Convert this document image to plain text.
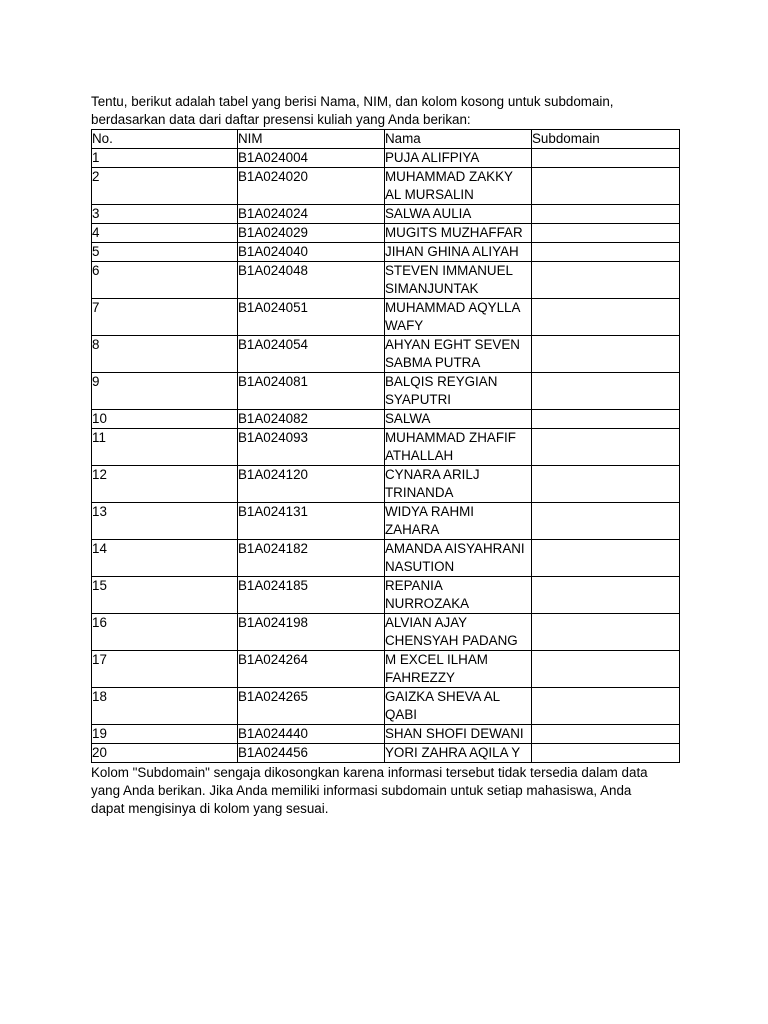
Tentu, berikut adalah tabel yang berisi Nama, NIM, dan kolom kosong untuk subdomain,
berdasarkan data dari daftar presensi kuliah yang Anda berikan:

No.	NIM	Nama	Subdomain
1	B1A024004	PUJA ALIFPIYA	
2	B1A024020	MUHAMMAD ZAKKY
AL MURSALIN	
3	B1A024024	SALWA AULIA	
4	B1A024029	MUGITS MUZHAFFAR	
5	B1A024040	JIHAN GHINA ALIYAH	
6	B1A024048	STEVEN IMMANUEL
SIMANJUNTAK	
7	B1A024051	MUHAMMAD AQYLLA
WAFY	
8	B1A024054	AHYAN EGHT SEVEN
SABMA PUTRA	
9	B1A024081	BALQIS REYGIAN
SYAPUTRI	
10	B1A024082	SALWA	
11	B1A024093	MUHAMMAD ZHAFIF
ATHALLAH	
12	B1A024120	CYNARA ARILJ
TRINANDA	
13	B1A024131	WIDYA RAHMI
ZAHARA	
14	B1A024182	AMANDA AISYAHRANI
NASUTION	
15	B1A024185	REPANIA
NURROZAKA	
16	B1A024198	ALVIAN AJAY
CHENSYAH PADANG	
17	B1A024264	M EXCEL ILHAM
FAHREZZY	
18	B1A024265	GAIZKA SHEVA AL
QABI	
19	B1A024440	SHAN SHOFI DEWANI	
20	B1A024456	YORI ZAHRA AQILA Y	

Kolom "Subdomain" sengaja dikosongkan karena informasi tersebut tidak tersedia dalam data
yang Anda berikan. Jika Anda memiliki informasi subdomain untuk setiap mahasiswa, Anda
dapat mengisinya di kolom yang sesuai.
